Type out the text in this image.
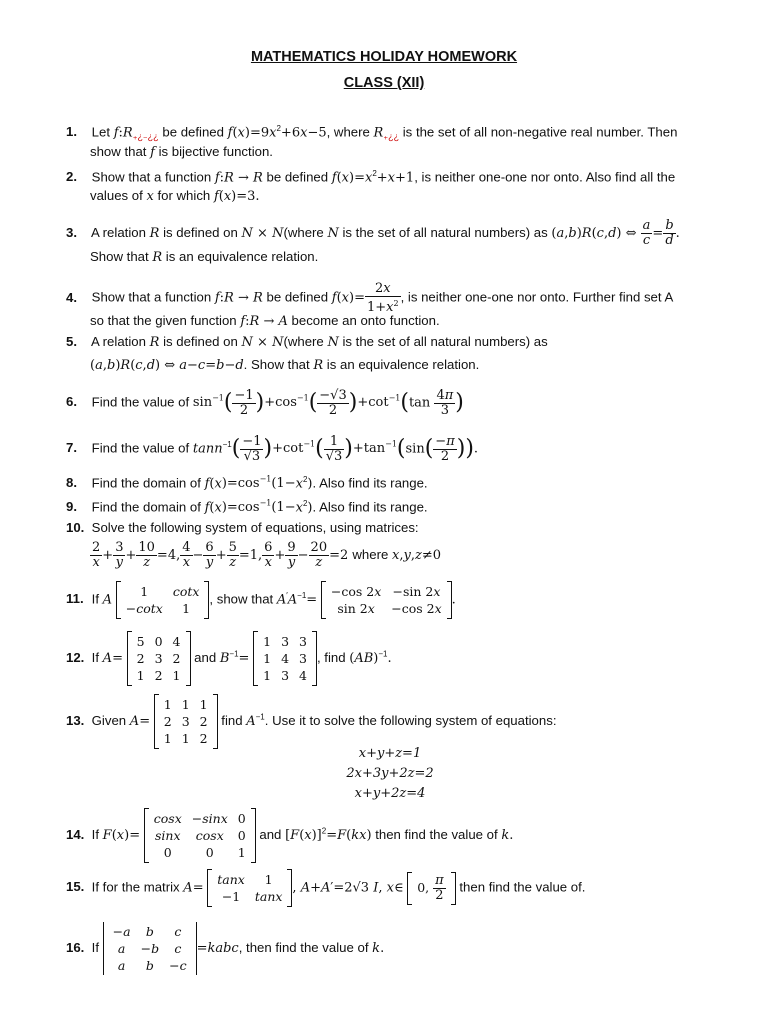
MATHEMATICS HOLIDAY HOMEWORK
CLASS (XII)
1. Let $f:R_{_+¿_-¿¿}$ be defined $f(x)=9x^2+6x-5$, where $R_{_+¿¿}$ is the set of all non-negative real number. Then
show that f is bijective function.
2. Show that a function f:R → R be defined $f(x)=x^2+x+1$, is neither one-one nor onto. Also find all the
values of x for which f(x)=3.
3. A relation R is defined on N × N(where N is the set of all natural numbers) as (a,b)R(c,d) ⇔ $\frac{a}{c} = \frac{b}{d}$ .
Show that R is an equivalence relation.
4. Show that a function f:R → R be defined $f(x)= \frac{2x}{1+x^2}$ , is neither one-one nor onto. Further find set A
so that the given function f:R → A become an onto function.
5. A relation R is defined on N × N(where N is the set of all natural numbers) as
(a,b)R(c,d) ⇔ a−c=b−d. Show that R is an equivalence relation.
6. Find the value of $\sin^{-1}( \frac{-1}{2} )+\cos^{-1}( \frac{-√3}{2} )+\cot^{-1}(\tan \frac{4\pi}{3}$ )
7. Find the value of $\tan n^{-1}( \frac{-1}{√3} )+\cot^{-1}( \frac{1}{√3} )+\tan^{-1}(\sin( \frac{-\pi}{2}$ )).
8. Find the domain of $f(x)=\cos^{-1}(1-x^2)$. Also find its range.
9. Find the domain of $f(x)=\cos^{-1}(1-x^2)$. Also find its range.
10. Solve the following system of equations, using matrices:
$\frac{2}{x} + \frac{3}{y} + \frac{10}{z} =4$, $\frac{4}{x} - \frac{6}{y} + \frac{5}{z} =1$, $\frac{6}{x} + \frac{9}{y} - \frac{20}{z} =2$ where x,y,z≠0
11. If A
1	cotx
−cotx	1
, show that $A'A^{-1}=$
−cos 2x	−sin 2x
sin 2x	−cos 2x
.
12. If A=
5	0	4
2	3	2
1	2	1
and $B^{-1}=$
1	3	3
1	4	3
1	3	4
, find (AB)$^{-1}$.
13. Given A=
1	1	1
2	3	2
1	1	2
find $A^{-1}$. Use it to solve the following system of equations:
x+y+z=1
2x+3y+2z=2
x+y+2z=4
14. If F(x)=
cosx	−sinx	0
sinx	cosx	0
0	0	1
and $[F(x)]^2=F(kx)$ then find the value of k.
15. If for the matrix A=
tanx	1
−1	tanx
, A+A′=2√3 I, x∈ 0, $\frac{\pi}{2}$ then find the value of.
16. If
−a	b	c
a	−b	c
a	b	−c
=kabc, then find the value of k.
